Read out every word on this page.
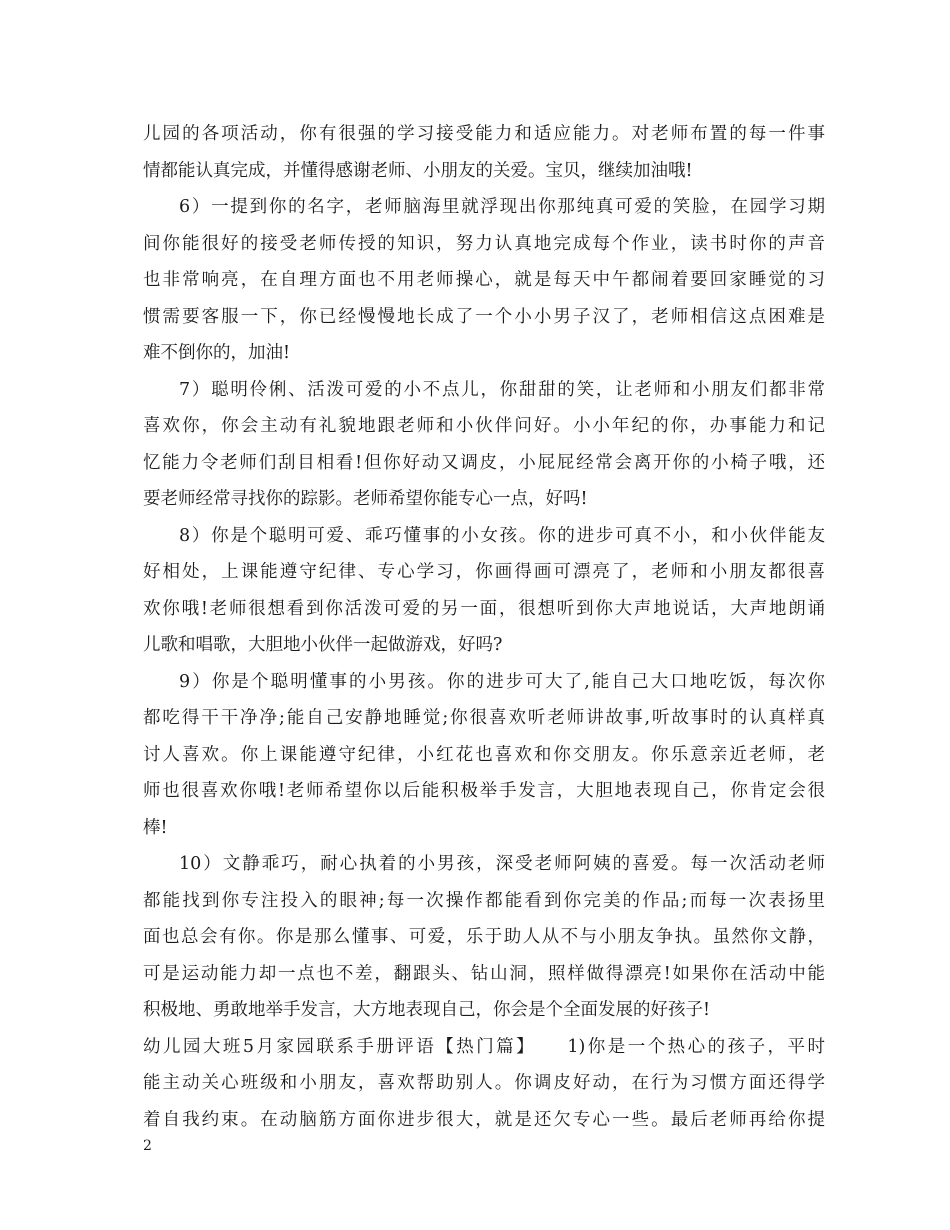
儿园的各项活动，你有很强的学习接受能力和适应能力。对老师布置的每一件事
情都能认真完成，并懂得感谢老师、小朋友的关爱。宝贝，继续加油哦!
6）一提到你的名字，老师脑海里就浮现出你那纯真可爱的笑脸，在园学习期
间你能很好的接受老师传授的知识，努力认真地完成每个作业，读书时你的声音
也非常响亮，在自理方面也不用老师操心，就是每天中午都闹着要回家睡觉的习
惯需要客服一下，你已经慢慢地长成了一个小小男子汉了，老师相信这点困难是
难不倒你的，加油!
7）聪明伶俐、活泼可爱的小不点儿，你甜甜的笑，让老师和小朋友们都非常
喜欢你，你会主动有礼貌地跟老师和小伙伴问好。小小年纪的你，办事能力和记
忆能力令老师们刮目相看!但你好动又调皮，小屁屁经常会离开你的小椅子哦，还
要老师经常寻找你的踪影。老师希望你能专心一点，好吗!
8）你是个聪明可爱、乖巧懂事的小女孩。你的进步可真不小，和小伙伴能友
好相处，上课能遵守纪律、专心学习，你画得画可漂亮了，老师和小朋友都很喜
欢你哦!老师很想看到你活泼可爱的另一面，很想听到你大声地说话，大声地朗诵
儿歌和唱歌，大胆地小伙伴一起做游戏，好吗?
9）你是个聪明懂事的小男孩。你的进步可大了,能自己大口地吃饭，每次你
都吃得干干净净;能自己安静地睡觉;你很喜欢听老师讲故事,听故事时的认真样真
讨人喜欢。你上课能遵守纪律，小红花也喜欢和你交朋友。你乐意亲近老师，老
师也很喜欢你哦!老师希望你以后能积极举手发言，大胆地表现自己，你肯定会很
棒!
10）文静乖巧，耐心执着的小男孩，深受老师阿姨的喜爱。每一次活动老师
都能找到你专注投入的眼神;每一次操作都能看到你完美的作品;而每一次表扬里
面也总会有你。你是那么懂事、可爱，乐于助人从不与小朋友争执。虽然你文静，
可是运动能力却一点也不差，翻跟头、钻山洞，照样做得漂亮!如果你在活动中能
积极地、勇敢地举手发言，大方地表现自己，你会是个全面发展的好孩子!
幼儿园大班5月家园联系手册评语【热门篇】　　1)你是一个热心的孩子，平时
能主动关心班级和小朋友，喜欢帮助别人。你调皮好动，在行为习惯方面还得学
着自我约束。在动脑筋方面你进步很大，就是还欠专心一些。最后老师再给你提
2
